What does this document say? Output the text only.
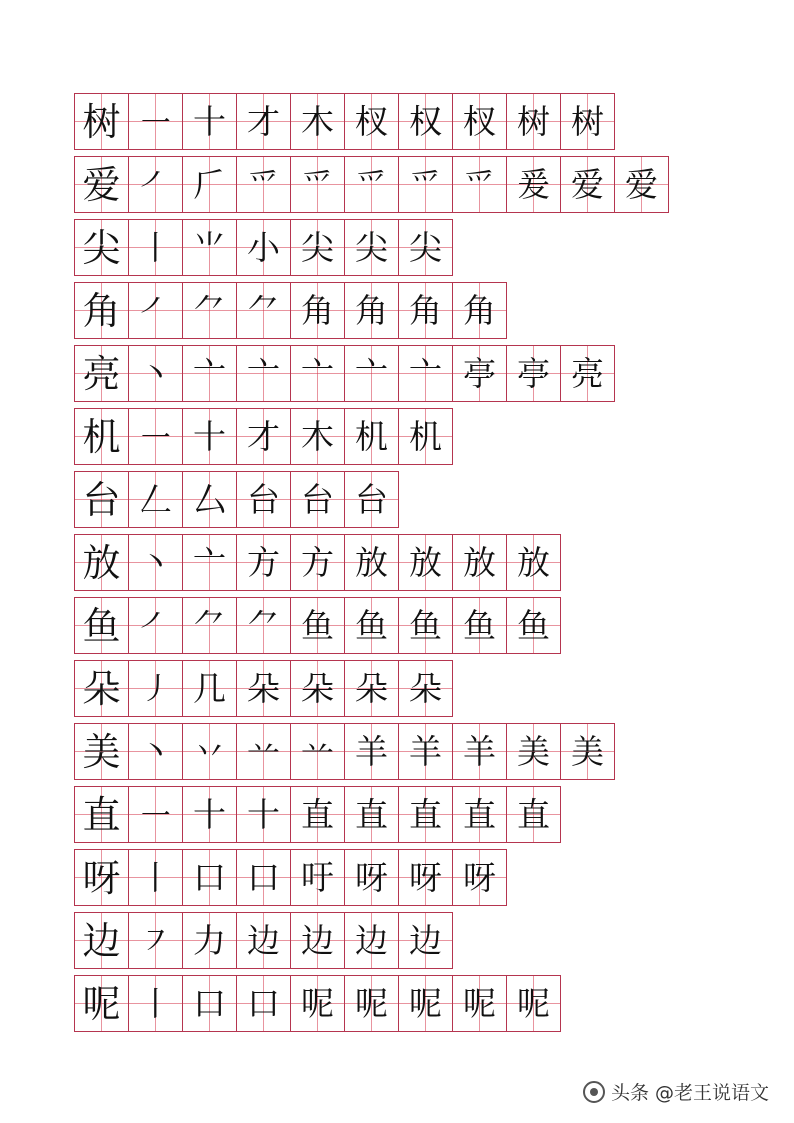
树 ㇐ 十 才 木 杈 权 杈 树 树
爱 ㇒ 𠂆 爫 爫 爫 爫 爫 爰 爱 爱
尖 丨 ⺌ 小 尖 尖 尖
角 ㇒ ⺈ ⺈ 角 角 角 角
亮 丶 亠 亠 亠 亠 亠 亭 亭 亮
机 ㇐ 十 才 木 机 机
台 𠃋 厶 台 台 台
放 丶 亠 方 方 放 放 放 放
鱼 ㇒ ⺈ ⺈ 鱼 鱼 鱼 鱼 鱼
朵 ㇓ 几 朵 朵 朵 朵
美 丶 丷 䒑 䒑 羊 羊 羊 美 美
直 ㇐ 十 十 直 直 直 直 直
呀 丨 口 口 吁 呀 呀 呀
边 ㇇ 力 边 边 边 边
呢 丨 口 口 呢 呢 呢 呢 呢
头条 @老王说语文
